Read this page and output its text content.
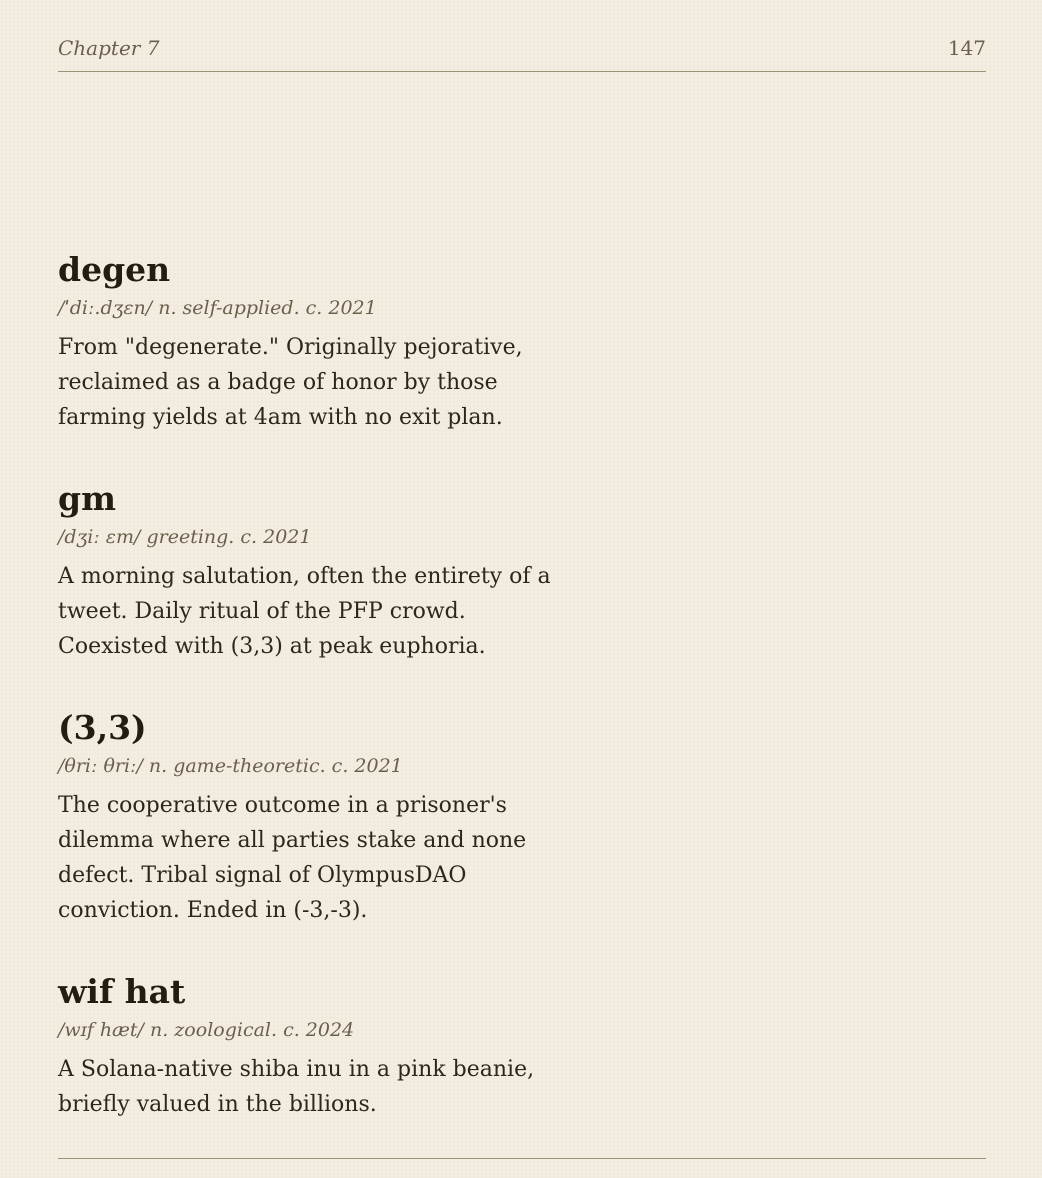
Chapter 7	147
degen
/ˈdiː.dʒɛn/ n. self-applied. c. 2021

From "degenerate." Originally pejorative, reclaimed as a badge of honor by those farming yields at 4am with no exit plan.

gm
/dʒiː ɛm/ greeting. c. 2021

A morning salutation, often the entirety of a tweet. Daily ritual of the PFP crowd. Coexisted with (3,3) at peak euphoria.

(3,3)
/θriː θriː/ n. game-theoretic. c. 2021

The cooperative outcome in a prisoner's dilemma where all parties stake and none defect. Tribal signal of OlympusDAO conviction. Ended in (-3,-3).

wif hat
/wɪf hæt/ n. zoological. c. 2024

A Solana-native shiba inu in a pink beanie, briefly valued in the billions.
